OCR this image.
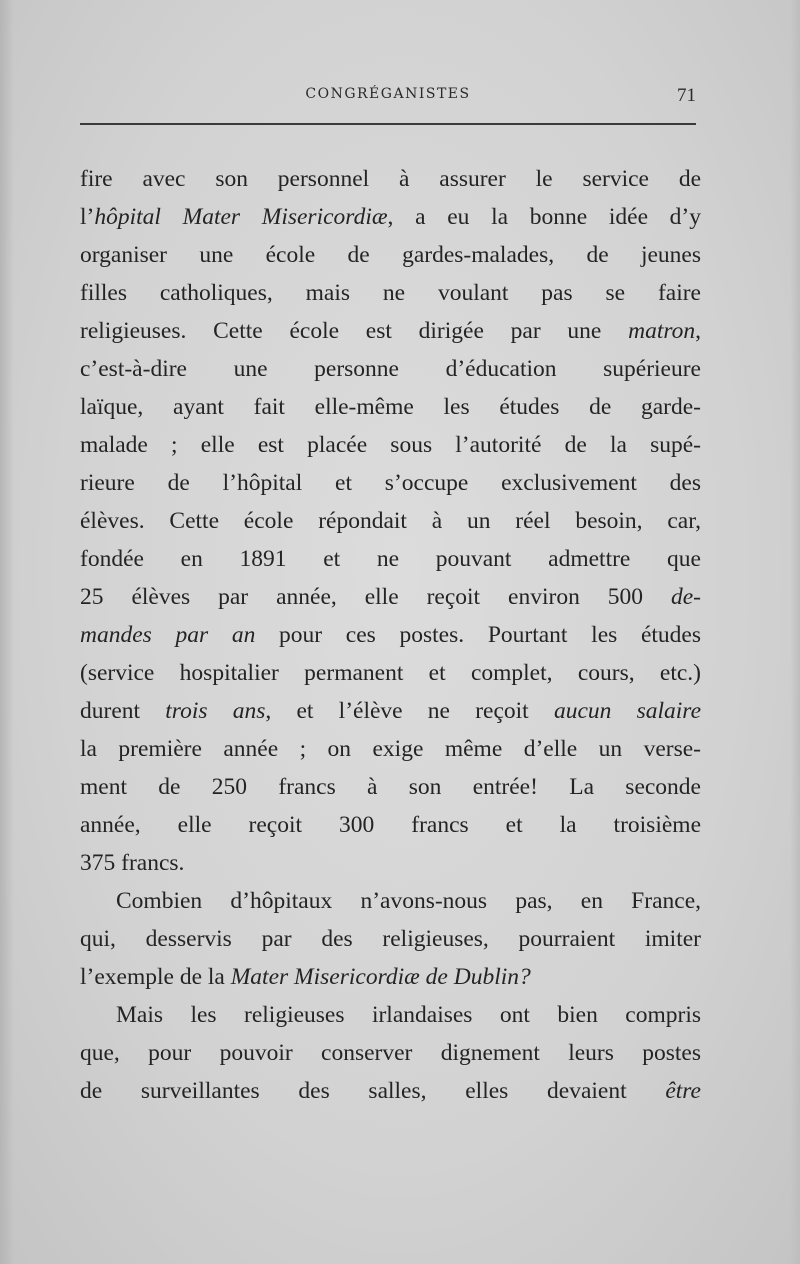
CONGRÉGANISTES	71
fire avec son personnel à assurer le service de
l’hôpital Mater Misericordiæ, a eu la bonne idée d’y
organiser une école de gardes-malades, de jeunes
filles catholiques, mais ne voulant pas se faire
religieuses. Cette école est dirigée par une matron,
c’est-à-dire une personne d’éducation supérieure
laïque, ayant fait elle-même les études de garde-
malade ; elle est placée sous l’autorité de la supé-
rieure de l’hôpital et s’occupe exclusivement des
élèves. Cette école répondait à un réel besoin, car,
fondée en 1891 et ne pouvant admettre que
25 élèves par année, elle reçoit environ 500 de-
mandes par an pour ces postes. Pourtant les études
(service hospitalier permanent et complet, cours, etc.)
durent trois ans, et l’élève ne reçoit aucun salaire
la première année ; on exige même d’elle un verse-
ment de 250 francs à son entrée! La seconde
année, elle reçoit 300 francs et la troisième
375 francs.
Combien d’hôpitaux n’avons-nous pas, en France,
qui, desservis par des religieuses, pourraient imiter
l’exemple de la Mater Misericordiæ de Dublin?
Mais les religieuses irlandaises ont bien compris
que, pour pouvoir conserver dignement leurs postes
de surveillantes des salles, elles devaient être
